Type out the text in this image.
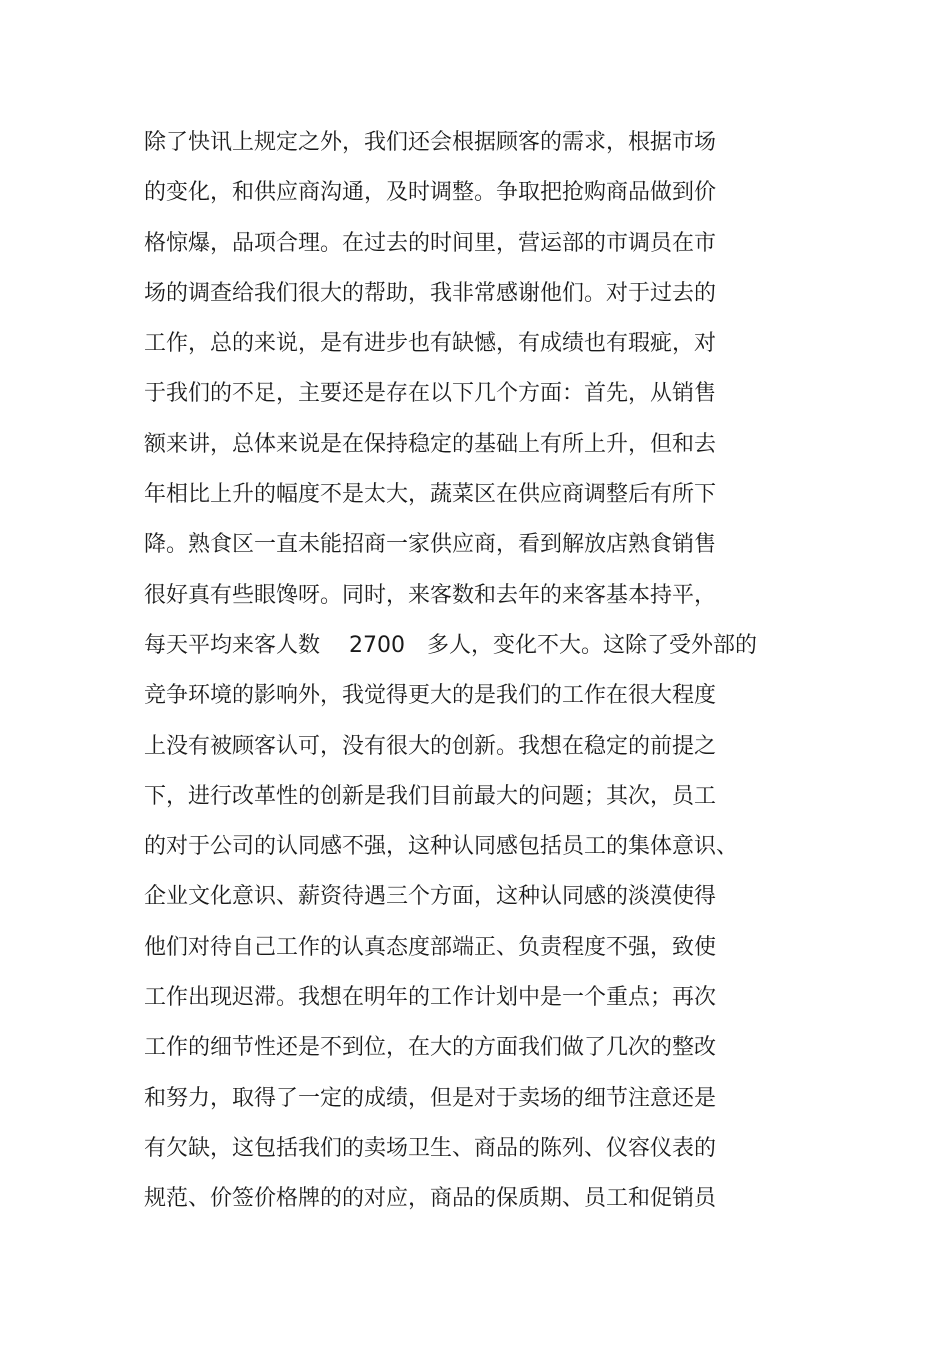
除了快讯上规定之外，我们还会根据顾客的需求，根据市场
的变化，和供应商沟通，及时调整。争取把抢购商品做到价
格惊爆，品项合理。在过去的时间里，营运部的市调员在市
场的调查给我们很大的帮助，我非常感谢他们。对于过去的
工作，总的来说，是有进步也有缺憾，有成绩也有瑕疵，对
于我们的不足，主要还是存在以下几个方面：首先，从销售
额来讲，总体来说是在保持稳定的基础上有所上升，但和去
年相比上升的幅度不是太大，蔬菜区在供应商调整后有所下
降。熟食区一直未能招商一家供应商，看到解放店熟食销售
很好真有些眼馋呀。同时，来客数和去年的来客基本持平，
每天平均来客人数　 2700　多人，变化不大。这除了受外部的
竞争环境的影响外，我觉得更大的是我们的工作在很大程度
上没有被顾客认可，没有很大的创新。我想在稳定的前提之
下，进行改革性的创新是我们目前最大的问题；其次，员工
的对于公司的认同感不强，这种认同感包括员工的集体意识、
企业文化意识、薪资待遇三个方面，这种认同感的淡漠使得
他们对待自己工作的认真态度部端正、负责程度不强，致使
工作出现迟滞。我想在明年的工作计划中是一个重点；再次
工作的细节性还是不到位，在大的方面我们做了几次的整改
和努力，取得了一定的成绩，但是对于卖场的细节注意还是
有欠缺，这包括我们的卖场卫生、商品的陈列、仪容仪表的
规范、价签价格牌的的对应，商品的保质期、员工和促销员
